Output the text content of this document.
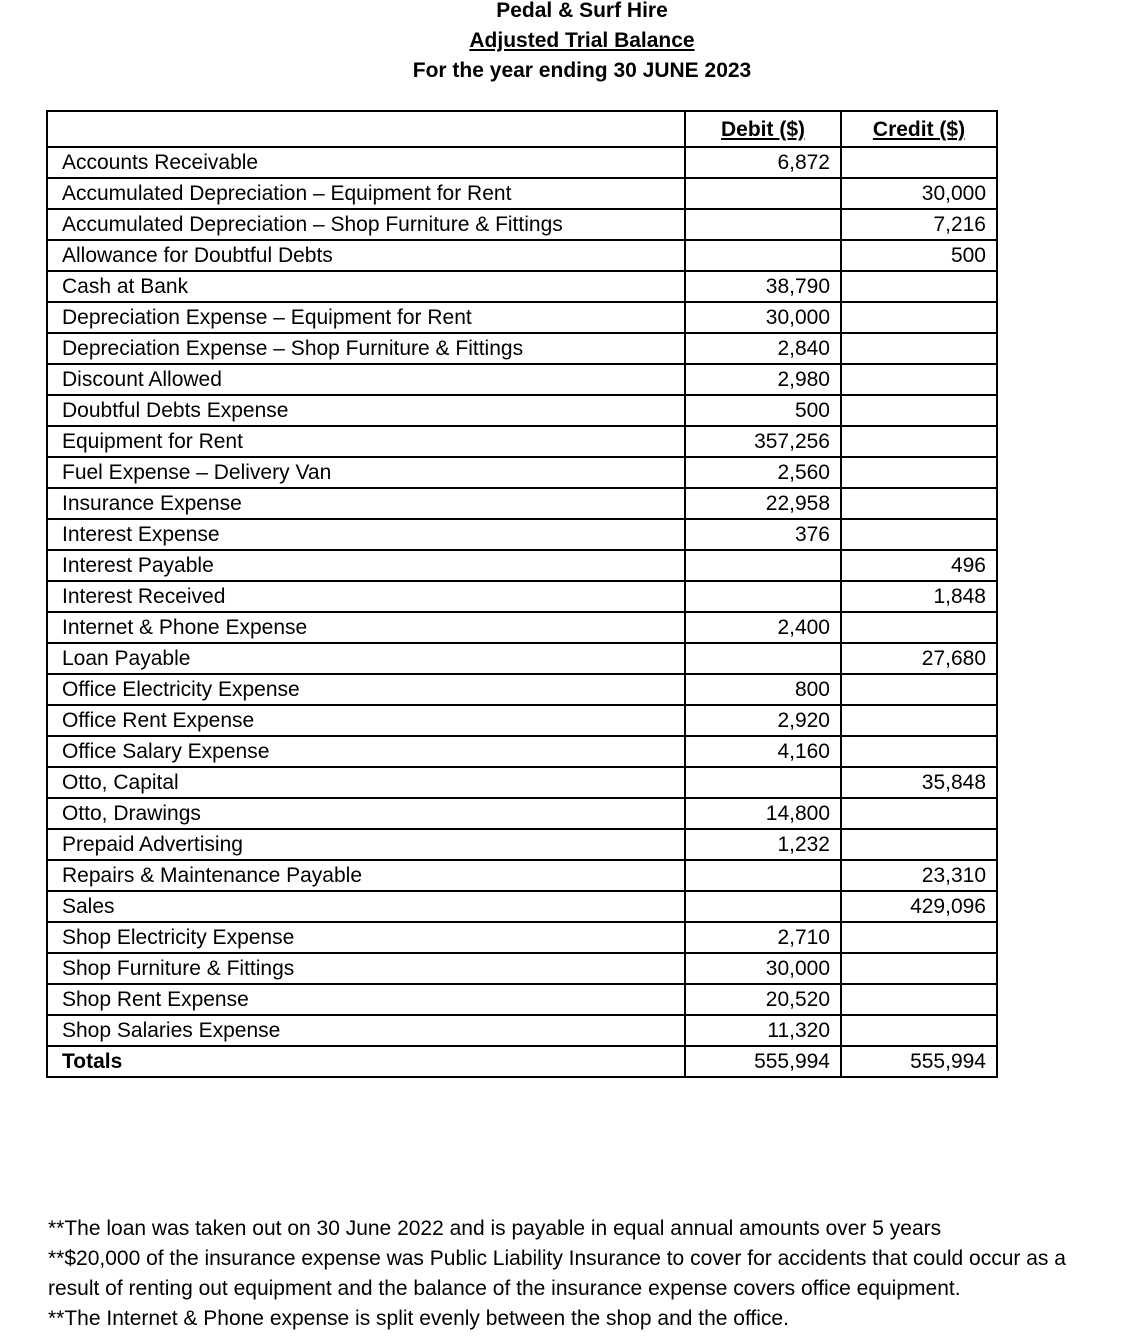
Pedal & Surf Hire
Adjusted Trial Balance
For the year ending 30 JUNE 2023
	Debit ($)	Credit ($)
Accounts Receivable	6,872	
Accumulated Depreciation – Equipment for Rent		30,000
Accumulated Depreciation – Shop Furniture & Fittings		7,216
Allowance for Doubtful Debts		500
Cash at Bank	38,790	
Depreciation Expense – Equipment for Rent	30,000	
Depreciation Expense – Shop Furniture & Fittings	2,840	
Discount Allowed	2,980	
Doubtful Debts Expense	500	
Equipment for Rent	357,256	
Fuel Expense – Delivery Van	2,560	
Insurance Expense	22,958	
Interest Expense	376	
Interest Payable		496
Interest Received		1,848
Internet & Phone Expense	2,400	
Loan Payable		27,680
Office Electricity Expense	800	
Office Rent Expense	2,920	
Office Salary Expense	4,160	
Otto, Capital		35,848
Otto, Drawings	14,800	
Prepaid Advertising	1,232	
Repairs & Maintenance Payable		23,310
Sales		429,096
Shop Electricity Expense	2,710	
Shop Furniture & Fittings	30,000	
Shop Rent Expense	20,520	
Shop Salaries Expense	11,320	
Totals	555,994	555,994

**The loan was taken out on 30 June 2022 and is payable in equal annual amounts over 5 years

**$20,000 of the insurance expense was Public Liability Insurance to cover for accidents that could occur as a result of renting out equipment and the balance of the insurance expense covers office equipment.

**The Internet & Phone expense is split evenly between the shop and the office.
